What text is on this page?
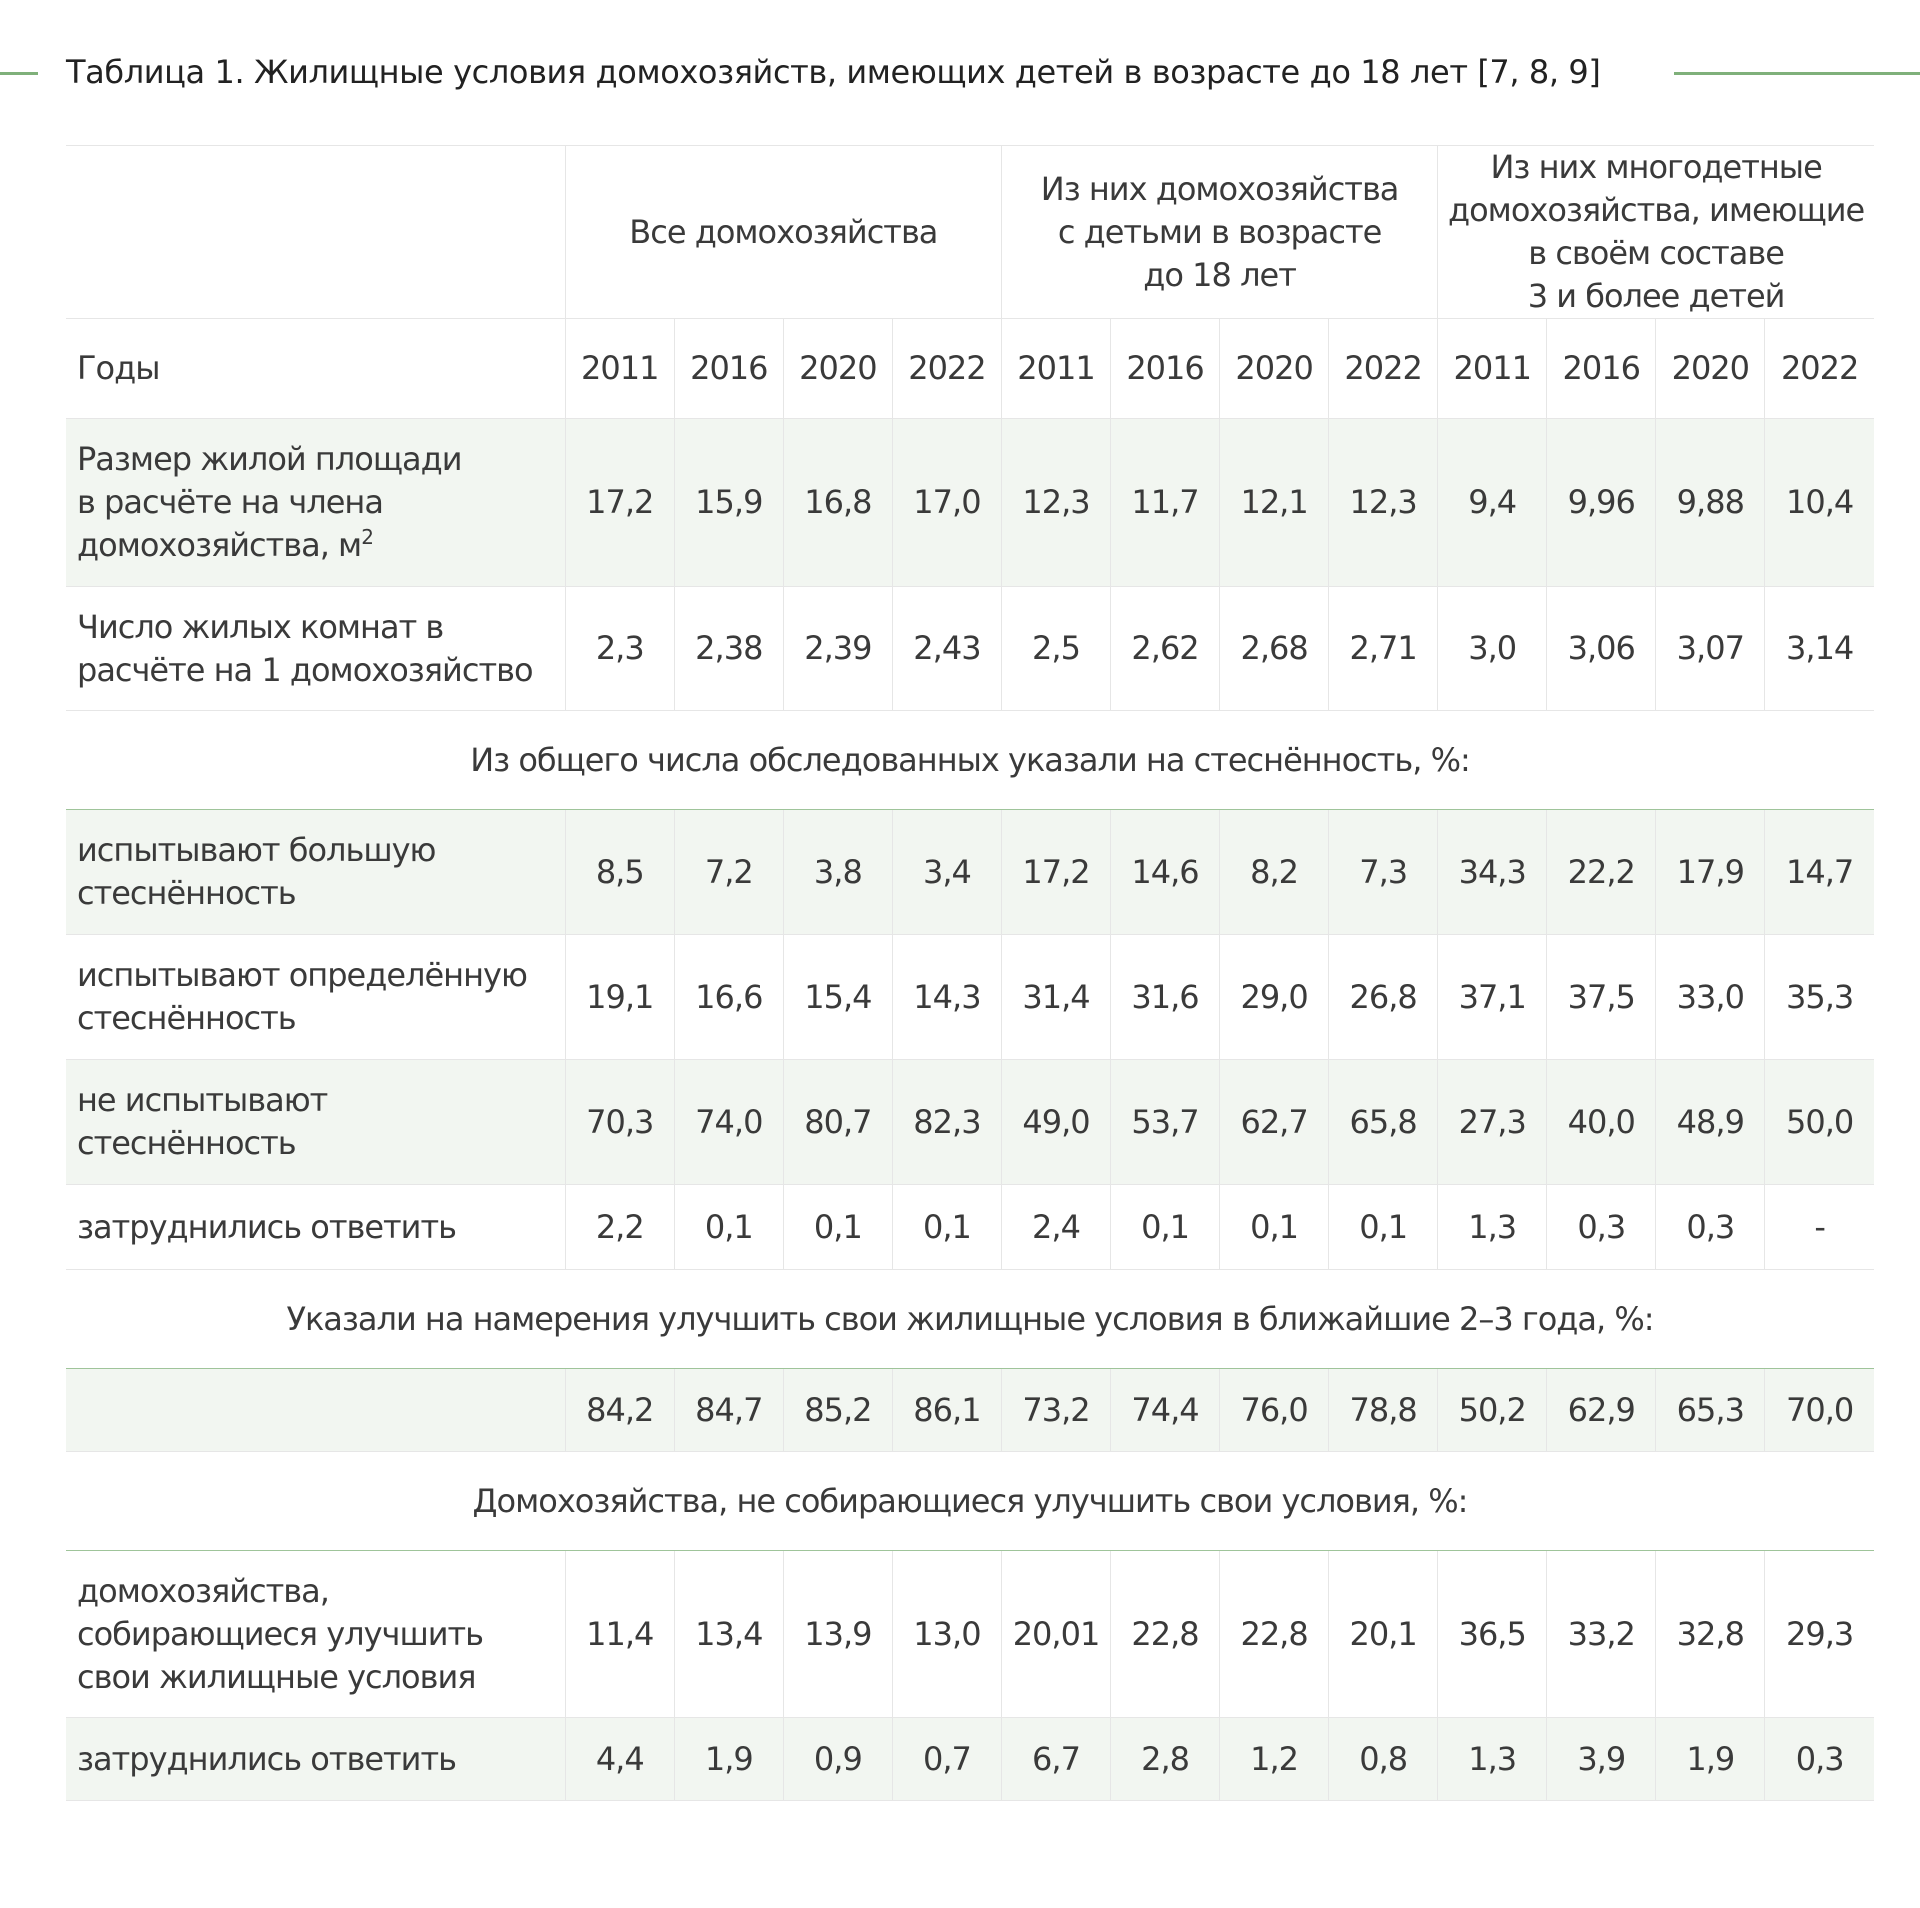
Таблица 1. Жилищные условия домохозяйств, имеющих детей в возрасте до 18 лет [7, 8, 9]
	Все домохозяйства				Из них домохозяйства
с детьми в возрасте
до 18 лет				Из них многодетные
домохозяйства, имеющие
в своём составе
3 и более детей			
Годы	2011	2016	2020	2022	2011	2016	2020	2022	2011	2016	2020	2022
Размер жилой площади
в расчёте на члена
домохозяйства, $м^2$	17,2	15,9	16,8	17,0	12,3	11,7	12,1	12,3	9,4	9,96	9,88	10,4
Число жилых комнат в
расчёте на 1 домохозяйство	2,3	2,38	2,39	2,43	2,5	2,62	2,68	2,71	3,0	3,06	3,07	3,14
Из общего числа обследованных указали на стеснённость, %:												
испытывают большую
стеснённость	8,5	7,2	3,8	3,4	17,2	14,6	8,2	7,3	34,3	22,2	17,9	14,7
испытывают определённую
стеснённость	19,1	16,6	15,4	14,3	31,4	31,6	29,0	26,8	37,1	37,5	33,0	35,3
не испытывают
стеснённость	70,3	74,0	80,7	82,3	49,0	53,7	62,7	65,8	27,3	40,0	48,9	50,0
затруднились ответить	2,2	0,1	0,1	0,1	2,4	0,1	0,1	0,1	1,3	0,3	0,3	-
Указали на намерения улучшить свои жилищные условия в ближайшие 2–3 года, %:												
	84,2	84,7	85,2	86,1	73,2	74,4	76,0	78,8	50,2	62,9	65,3	70,0
Домохозяйства, не собирающиеся улучшить свои условия, %:												
домохозяйства,
собирающиеся улучшить
свои жилищные условия	11,4	13,4	13,9	13,0	20,01	22,8	22,8	20,1	36,5	33,2	32,8	29,3
затруднились ответить	4,4	1,9	0,9	0,7	6,7	2,8	1,2	0,8	1,3	3,9	1,9	0,3
